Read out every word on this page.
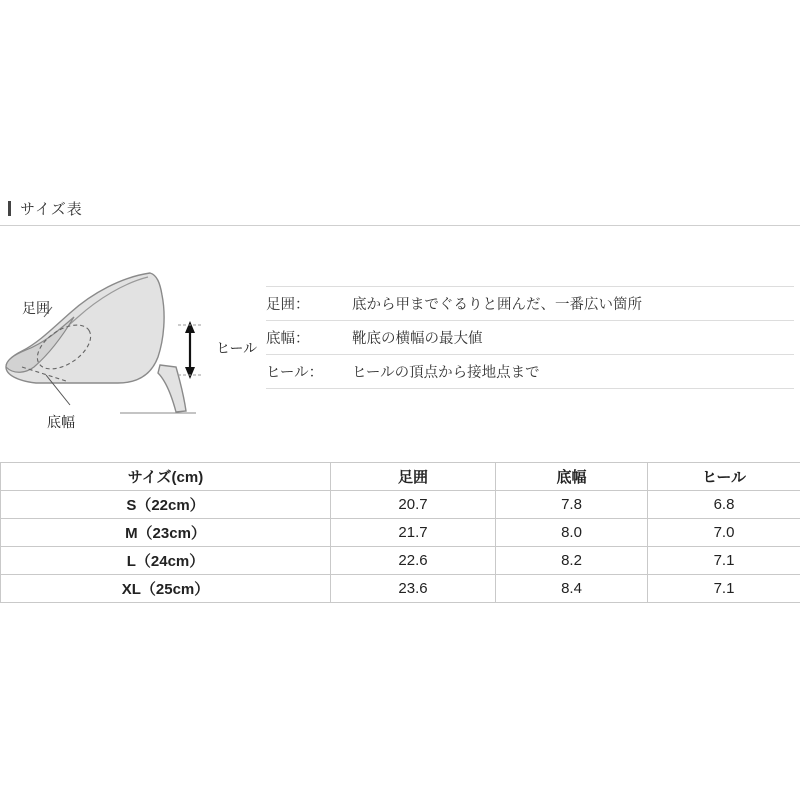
サイズ表
足囲
底幅
ヒール
足囲：	底から甲までぐるりと囲んだ、一番広い箇所
底幅：	靴底の横幅の最大値
ヒール：	ヒールの頂点から接地点まで
サイズ(cm)	足囲	底幅	ヒール
S（22cm）	20.7	7.8	6.8
M（23cm）	21.7	8.0	7.0
L（24cm）	22.6	8.2	7.1
XL（25cm）	23.6	8.4	7.1
